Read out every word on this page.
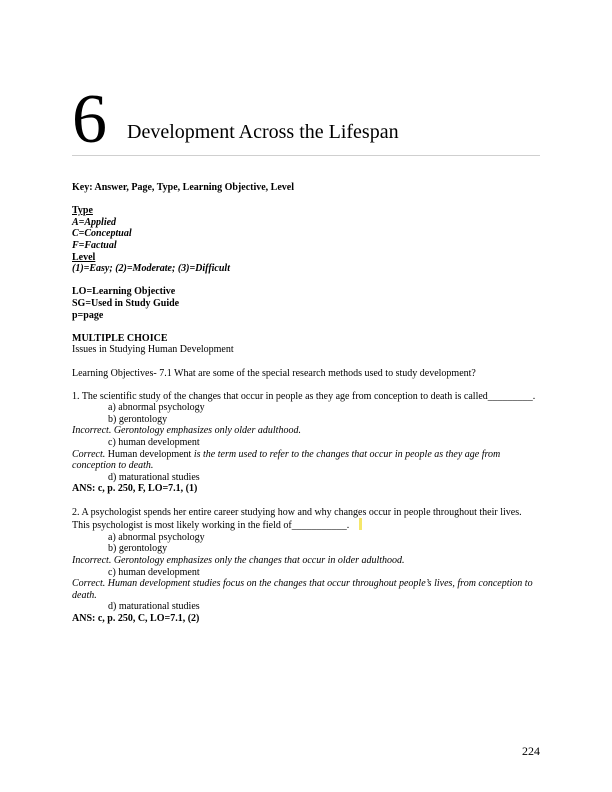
6 Development Across the Lifespan
Key: Answer, Page, Type, Learning Objective, Level
Type
A=Applied
C=Conceptual
F=Factual
Level
(1)=Easy; (2)=Moderate; (3)=Difficult
LO=Learning Objective
SG=Used in Study Guide
p=page
MULTIPLE CHOICE
Issues in Studying Human Development
Learning Objectives- 7.1 What are some of the special research methods used to study development?
1. The scientific study of the changes that occur in people as they age from conception to death is called_________.
a) abnormal psychology
b) gerontology
Incorrect. Gerontology emphasizes only older adulthood.
c) human development
Correct. Human development is the term used to refer to the changes that occur in people as they age from conception to death.
d) maturational studies
ANS: c, p. 250, F, LO=7.1, (1)
2. A psychologist spends her entire career studying how and why changes occur in people throughout their lives.
This psychologist is most likely working in the field of___________.
a) abnormal psychology
b) gerontology
Incorrect. Gerontology emphasizes only the changes that occur in older adulthood.
c) human development
Correct. Human development studies focus on the changes that occur throughout people’s lives, from conception to death.
d) maturational studies
ANS: c, p. 250, C, LO=7.1, (2)
224
